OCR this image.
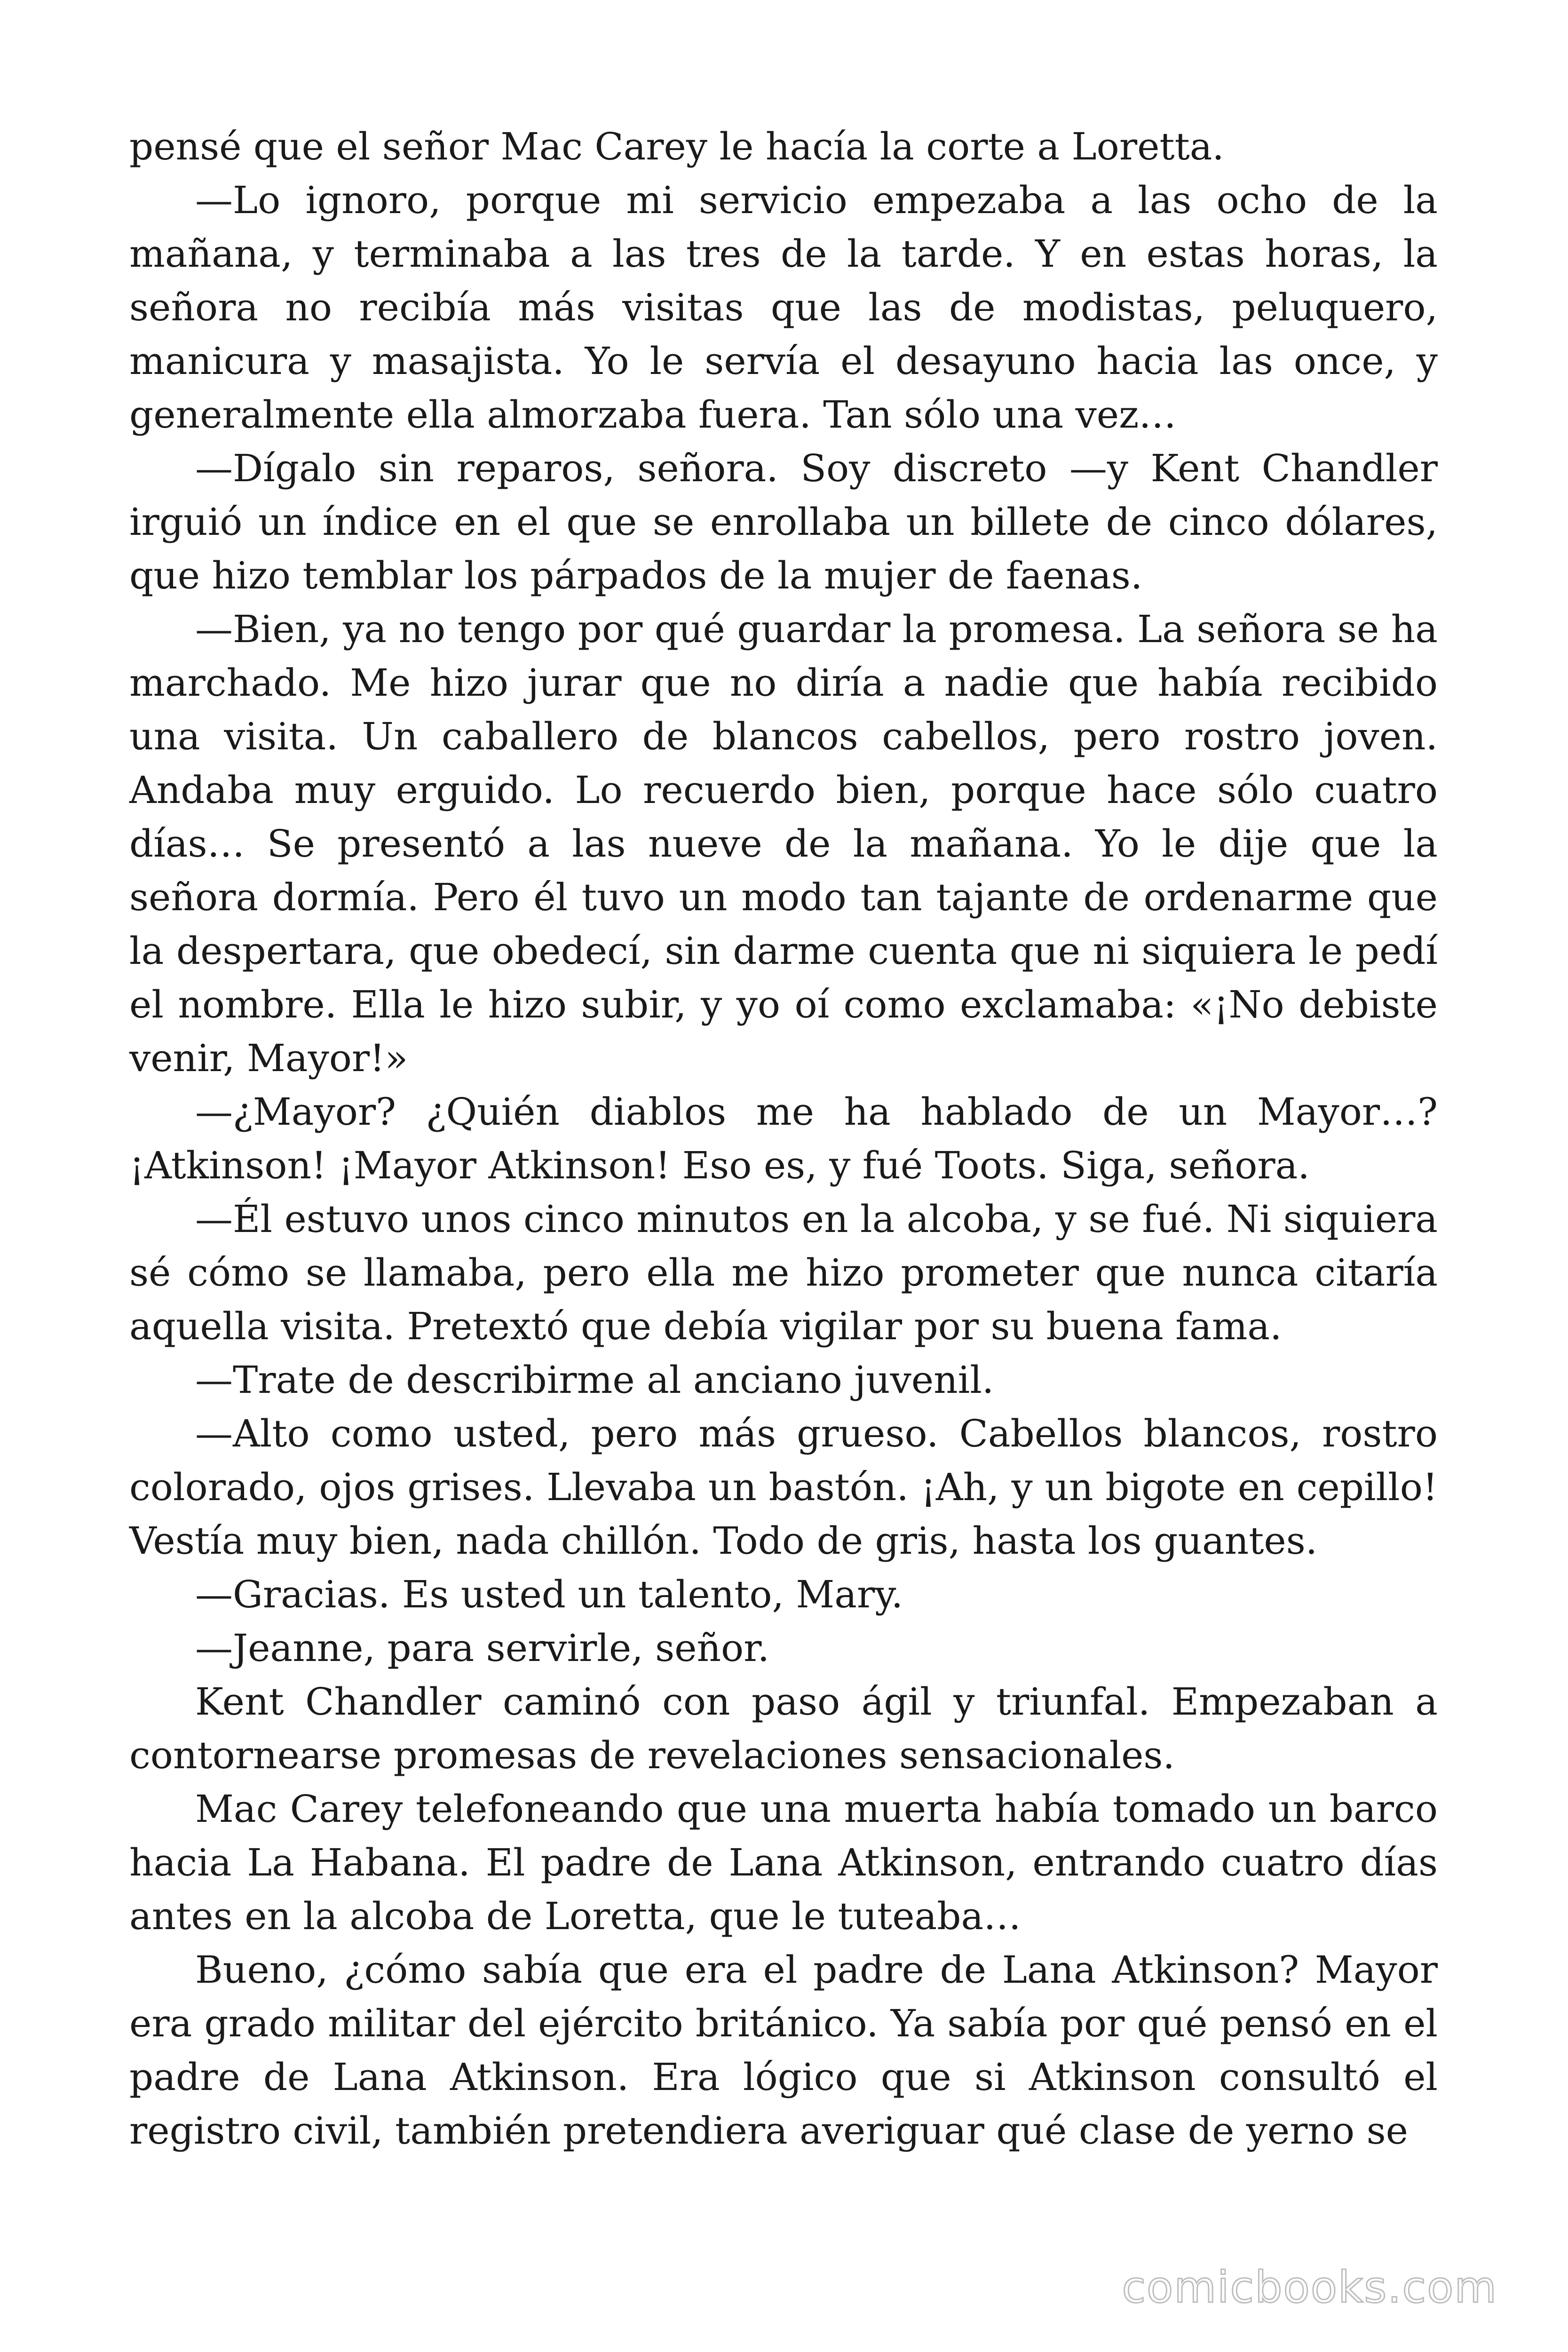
pensé que el señor Mac Carey le hacía la corte a Loretta.

—Lo ignoro, porque mi servicio empezaba a las ocho de la mañana, y terminaba a las tres de la tarde. Y en estas horas, la señora no recibía más visitas que las de modistas, peluquero, manicura y masajista. Yo le servía el desayuno hacia las once, y generalmente ella almorzaba fuera. Tan sólo una vez…

—Dígalo sin reparos, señora. Soy discreto —y Kent Chandler irguió un índice en el que se enrollaba un billete de cinco dólares, que hizo temblar los párpados de la mujer de faenas.

—Bien, ya no tengo por qué guardar la promesa. La señora se ha marchado. Me hizo jurar que no diría a nadie que había recibido una visita. Un caballero de blancos cabellos, pero rostro joven. Andaba muy erguido. Lo recuerdo bien, porque hace sólo cuatro días… Se presentó a las nueve de la mañana. Yo le dije que la señora dormía. Pero él tuvo un modo tan tajante de ordenarme que la despertara, que obedecí, sin darme cuenta que ni siquiera le pedí el nombre. Ella le hizo subir, y yo oí como exclamaba: «¡No debiste venir, Mayor!»

—¿Mayor? ¿Quién diablos me ha hablado de un Mayor…? ¡Atkinson! ¡Mayor Atkinson! Eso es, y fué Toots. Siga, señora.

—Él estuvo unos cinco minutos en la alcoba, y se fué. Ni siquiera sé cómo se llamaba, pero ella me hizo prometer que nunca citaría aquella visita. Pretextó que debía vigilar por su buena fama.

—Trate de describirme al anciano juvenil.

—Alto como usted, pero más grueso. Cabellos blancos, rostro colorado, ojos grises. Llevaba un bastón. ¡Ah, y un bigote en cepillo! Vestía muy bien, nada chillón. Todo de gris, hasta los guantes.

—Gracias. Es usted un talento, Mary.

—Jeanne, para servirle, señor.

Kent Chandler caminó con paso ágil y triunfal. Empezaban a contornearse promesas de revelaciones sensacionales.

Mac Carey telefoneando que una muerta había tomado un barco hacia La Habana. El padre de Lana Atkinson, entrando cuatro días antes en la alcoba de Loretta, que le tuteaba…

Bueno, ¿cómo sabía que era el padre de Lana Atkinson? Mayor era grado militar del ejército británico. Ya sabía por qué pensó en el padre de Lana Atkinson. Era lógico que si Atkinson consultó el registro civil, también pretendiera averiguar qué clase de yerno se

comicbooks.com
